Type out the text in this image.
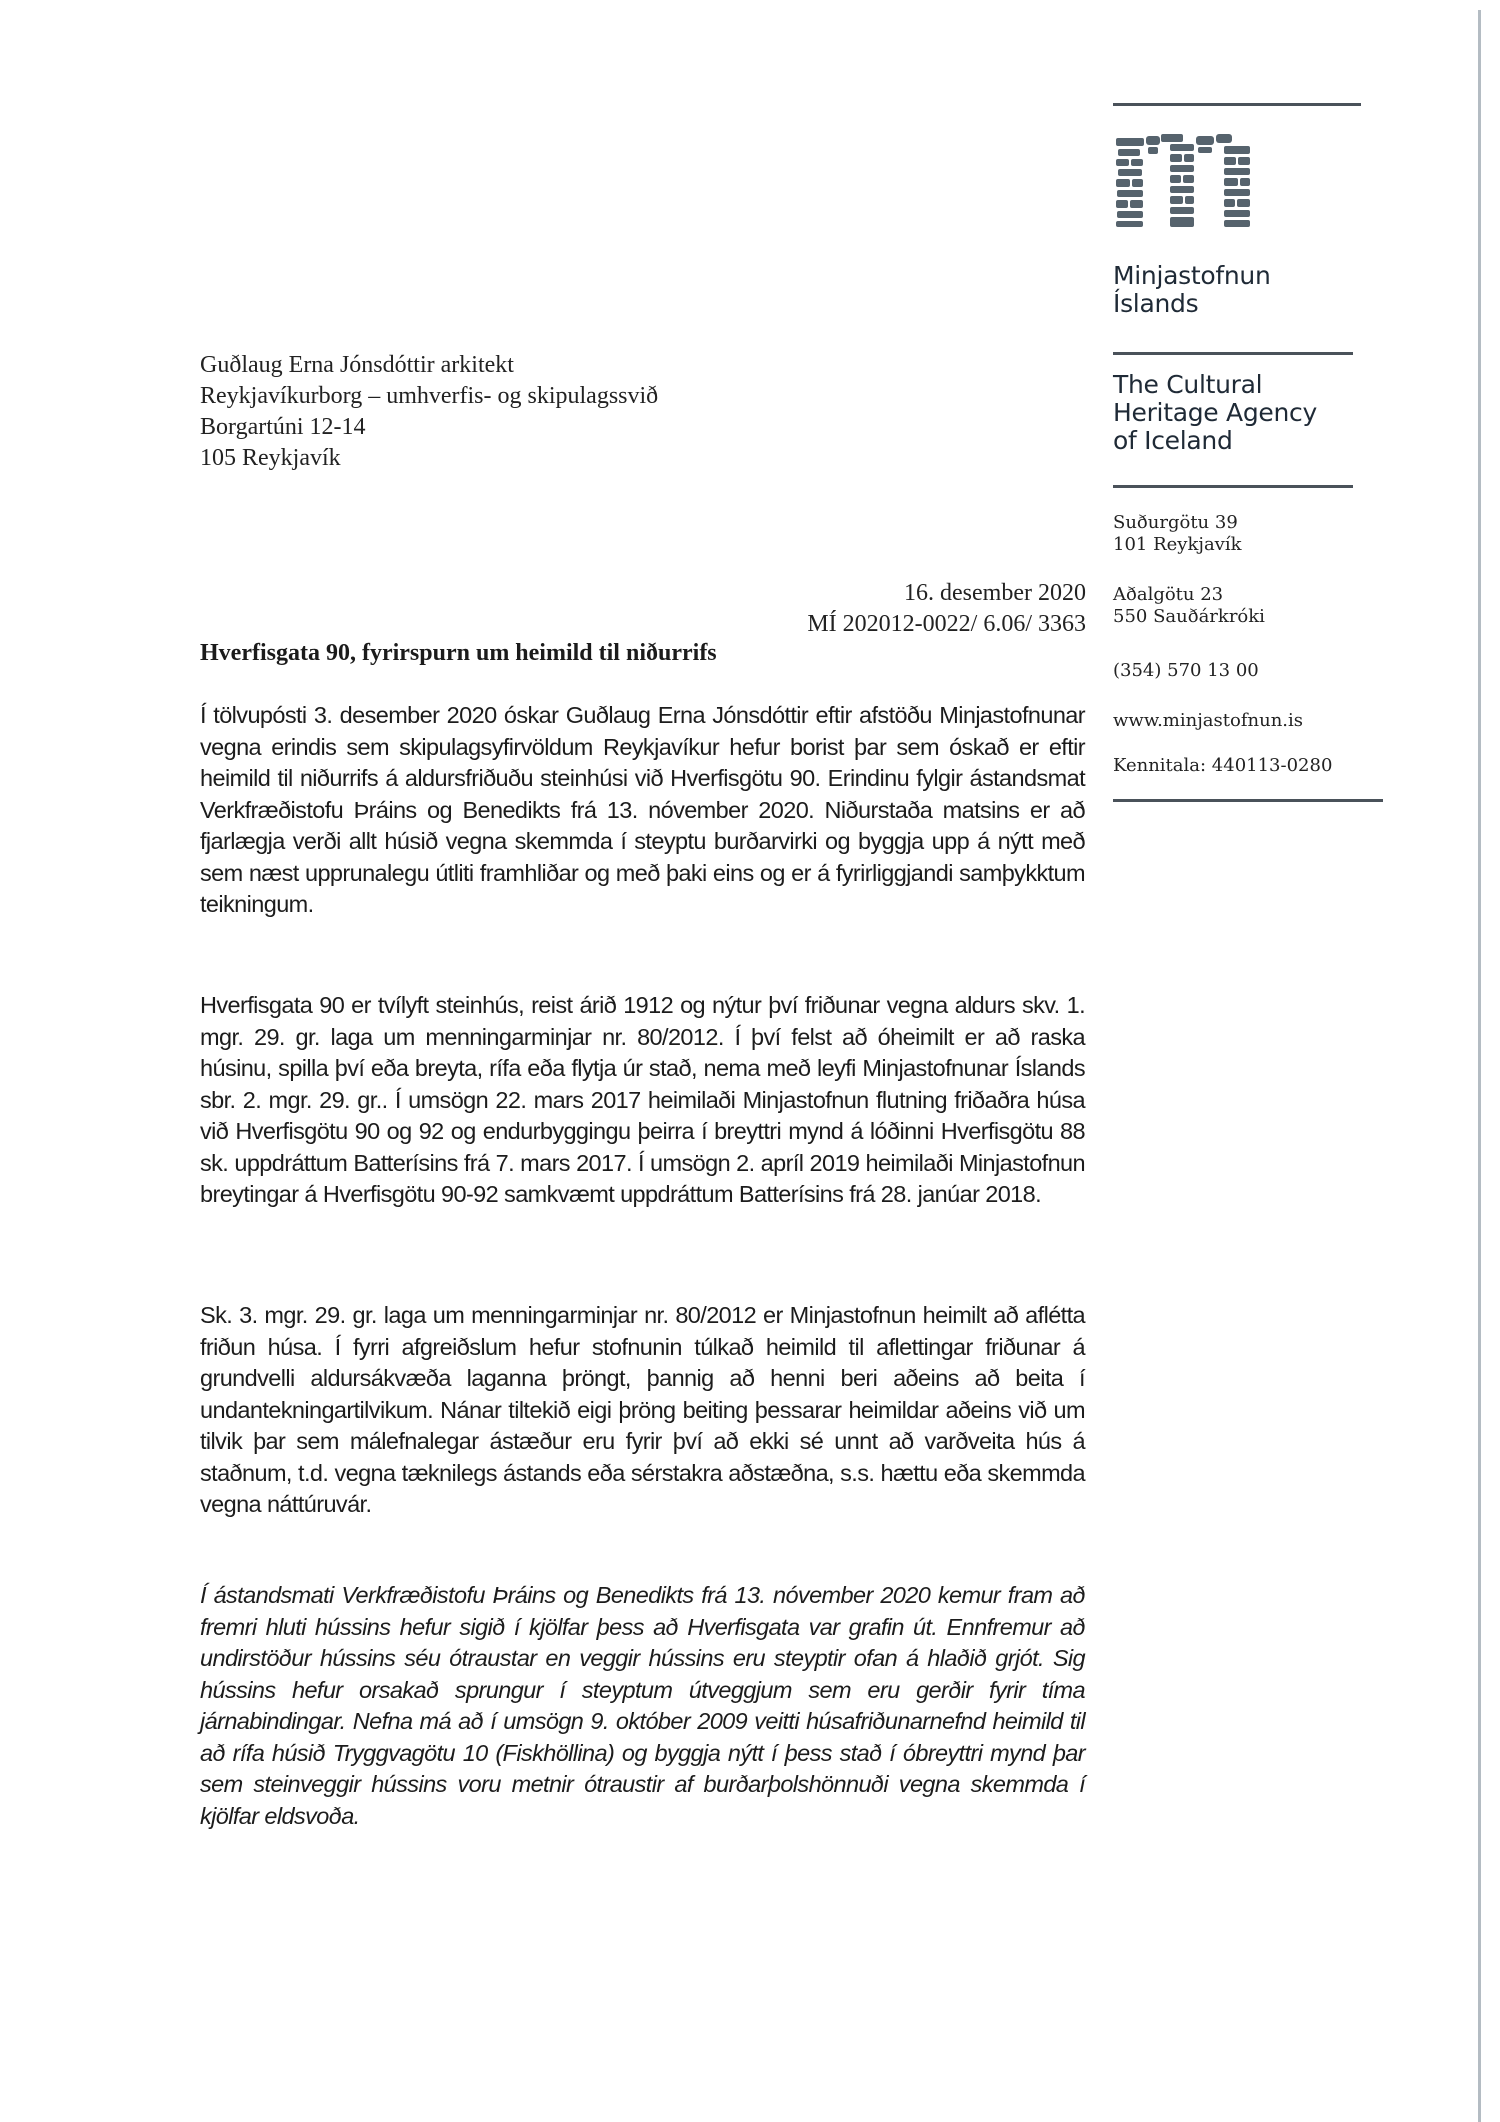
Minjastofnun
Íslands
The Cultural
Heritage Agency
of Iceland
Suðurgötu 39
101 Reykjavík
Aðalgötu 23
550 Sauðárkróki
(354) 570 13 00
www.minjastofnun.is
Kennitala: 440113-0280
Guðlaug Erna Jónsdóttir arkitekt
Reykjavíkurborg – umhverfis- og skipulagssvið
Borgartúni 12-14
105 Reykjavík
16. desember 2020
MÍ 202012-0022/ 6.06/ 3363
Hverfisgata 90, fyrirspurn um heimild til niðurrifs

Í tölvupósti 3. desember 2020 óskar Guðlaug Erna Jónsdóttir eftir afstöðu Minjastofnunar vegna erindis sem skipulagsyfirvöldum Reykjavíkur hefur borist þar sem óskað er eftir heimild til niðurrifs á aldursfriðuðu steinhúsi við Hverfisgötu 90. Erindinu fylgir ástandsmat Verkfræðistofu Þráins og Benedikts frá 13. nóvember 2020. Niðurstaða matsins er að fjarlægja verði allt húsið vegna skemmda í steyptu burðarvirki og byggja upp á nýtt með sem næst upprunalegu útliti framhliðar og með þaki eins og er á fyrirliggjandi samþykktum teikningum.

Hverfisgata 90 er tvílyft steinhús, reist árið 1912 og nýtur því friðunar vegna aldurs skv. 1. mgr. 29. gr. laga um menningarminjar nr. 80/2012. Í því felst að óheimilt er að raska húsinu, spilla því eða breyta, rífa eða flytja úr stað, nema með leyfi Minjastofnunar Íslands sbr. 2. mgr. 29. gr.. Í umsögn 22. mars 2017 heimilaði Minjastofnun flutning friðaðra húsa við Hverfisgötu 90 og 92 og endurbyggingu þeirra í breyttri mynd á lóðinni Hverfisgötu 88 sk. uppdráttum Batterísins frá 7. mars 2017. Í umsögn 2. apríl 2019 heimilaði Minjastofnun breytingar á Hverfisgötu 90-92 samkvæmt uppdráttum Batterísins frá 28. janúar 2018.

Sk. 3. mgr. 29. gr. laga um menningarminjar nr. 80/2012 er Minjastofnun heimilt að aflétta friðun húsa. Í fyrri afgreiðslum hefur stofnunin túlkað heimild til aflettingar friðunar á grundvelli aldursákvæða laganna þröngt, þannig að henni beri aðeins að beita í undantekningartilvikum. Nánar tiltekið eigi þröng beiting þessarar heimildar aðeins við um tilvik þar sem málefnalegar ástæður eru fyrir því að ekki sé unnt að varðveita hús á staðnum, t.d. vegna tæknilegs ástands eða sérstakra aðstæðna, s.s. hættu eða skemmda vegna náttúruvár.

Í ástandsmati Verkfræðistofu Þráins og Benedikts frá 13. nóvember 2020 kemur fram að fremri hluti hússins hefur sigið í kjölfar þess að Hverfisgata var grafin út. Ennfremur að undirstöður hússins séu ótraustar en veggir hússins eru steyptir ofan á hlaðið grjót. Sig hússins hefur orsakað sprungur í steyptum útveggjum sem eru gerðir fyrir tíma járnabindingar. Nefna má að í umsögn 9. október 2009 veitti húsafriðunarnefnd heimild til að rífa húsið Tryggvagötu 10 (Fiskhöllina) og byggja nýtt í þess stað í óbreyttri mynd þar sem steinveggir hússins voru metnir ótraustir af burðarþolshönnuði vegna skemmda í kjölfar eldsvoða.
